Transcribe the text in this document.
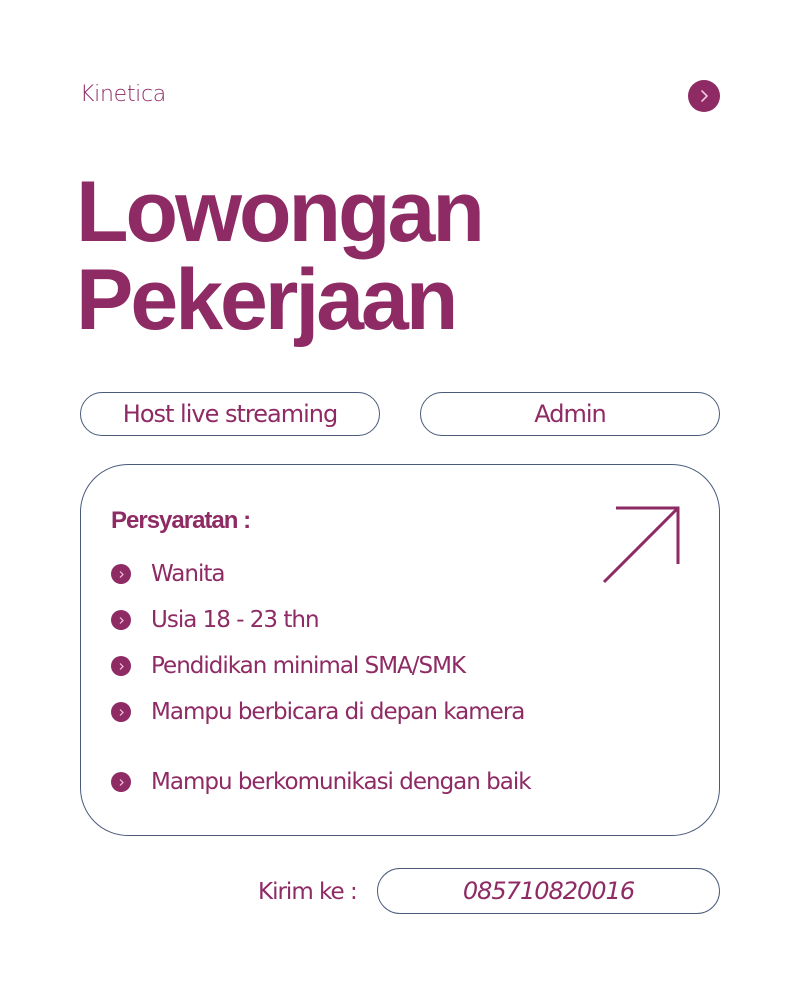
Kinetica
Lowongan
Pekerjaan
Host live streaming	Admin
Persyaratan :
Wanita
Usia 18 - 23 thn
Pendidikan minimal SMA/SMK
Mampu berbicara di depan kamera
Mampu berkomunikasi dengan baik
Kirim ke :	085710820016
